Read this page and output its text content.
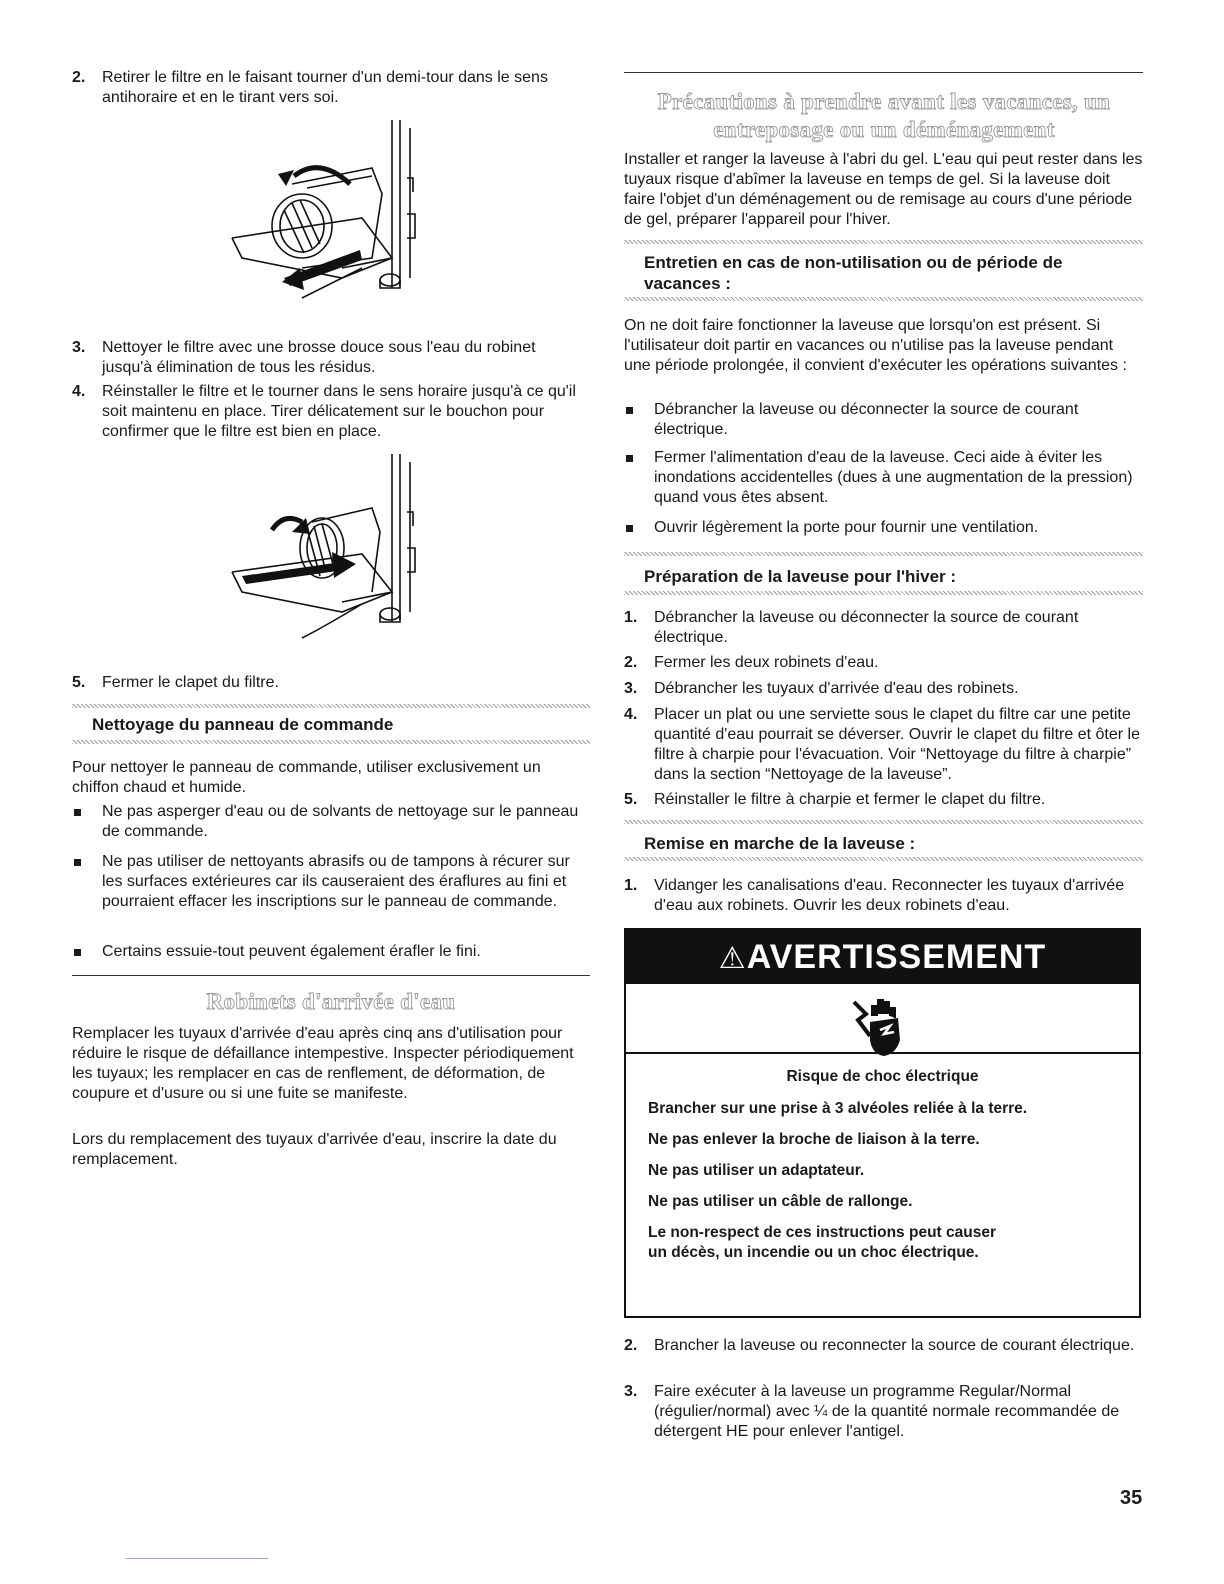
2.	Retirer le filtre en le faisant tourner d'un demi-tour dans le sens antihoraire et en le tirant vers soi.
3.	Nettoyer le filtre avec une brosse douce sous l'eau du robinet jusqu'à élimination de tous les résidus.
4.	Réinstaller le filtre et le tourner dans le sens horaire jusqu'à ce qu'il soit maintenu en place. Tirer délicatement sur le bouchon pour confirmer que le filtre est bien en place.
5.	Fermer le clapet du filtre.
Nettoyage du panneau de commande

Pour nettoyer le panneau de commande, utiliser exclusivement un chiffon chaud et humide.

Ne pas asperger d'eau ou de solvants de nettoyage sur le panneau de commande.
Ne pas utiliser de nettoyants abrasifs ou de tampons à récurer sur les surfaces extérieures car ils causeraient des éraflures au fini et pourraient effacer les inscriptions sur le panneau de commande.
Certains essuie-tout peuvent également érafler le fini.
Robinets d'arrivée d'eau

Remplacer les tuyaux d'arrivée d'eau après cinq ans d'utilisation pour réduire le risque de défaillance intempestive. Inspecter périodiquement les tuyaux; les remplacer en cas de renflement, de déformation, de coupure et d'usure ou si une fuite se manifeste.

Lors du remplacement des tuyaux d'arrivée d'eau, inscrire la date du remplacement.

Précautions à prendre avant les vacances, un entreposage ou un déménagement

Installer et ranger la laveuse à l'abri du gel. L'eau qui peut rester dans les tuyaux risque d'abîmer la laveuse en temps de gel. Si la laveuse doit faire l'objet d'un déménagement ou de remisage au cours d'une période de gel, préparer l'appareil pour l'hiver.

Entretien en cas de non-utilisation ou de période de vacances :

On ne doit faire fonctionner la laveuse que lorsqu'on est présent. Si l'utilisateur doit partir en vacances ou n'utilise pas la laveuse pendant une période prolongée, il convient d'exécuter les opérations suivantes :

Débrancher la laveuse ou déconnecter la source de courant électrique.
Fermer l'alimentation d'eau de la laveuse. Ceci aide à éviter les inondations accidentelles (dues à une augmentation de la pression) quand vous êtes absent.
Ouvrir légèrement la porte pour fournir une ventilation.
Préparation de la laveuse pour l'hiver :
1.	Débrancher la laveuse ou déconnecter la source de courant électrique.
2.	Fermer les deux robinets d'eau.
3.	Débrancher les tuyaux d'arrivée d'eau des robinets.
4.	Placer un plat ou une serviette sous le clapet du filtre car une petite quantité d'eau pourrait se déverser. Ouvrir le clapet du filtre et ôter le filtre à charpie pour l'évacuation. Voir “Nettoyage du filtre à charpie” dans la section “Nettoyage de la laveuse”.
5.	Réinstaller le filtre à charpie et fermer le clapet du filtre.
Remise en marche de la laveuse :
1.	Vidanger les canalisations d'eau. Reconnecter les tuyaux d'arrivée d'eau aux robinets. Ouvrir les deux robinets d'eau.
2.	Brancher la laveuse ou reconnecter la source de courant électrique.
3.	Faire exécuter à la laveuse un programme Regular/Normal (régulier/normal) avec ¼ de la quantité normale recommandée de détergent HE pour enlever l'antigel.
⚠AVERTISSEMENT

Risque de choc électrique

Brancher sur une prise à 3 alvéoles reliée à la terre.

Ne pas enlever la broche de liaison à la terre.

Ne pas utiliser un adaptateur.

Ne pas utiliser un câble de rallonge.

Le non-respect de ces instructions peut causer

un décès, un incendie ou un choc électrique.

35
